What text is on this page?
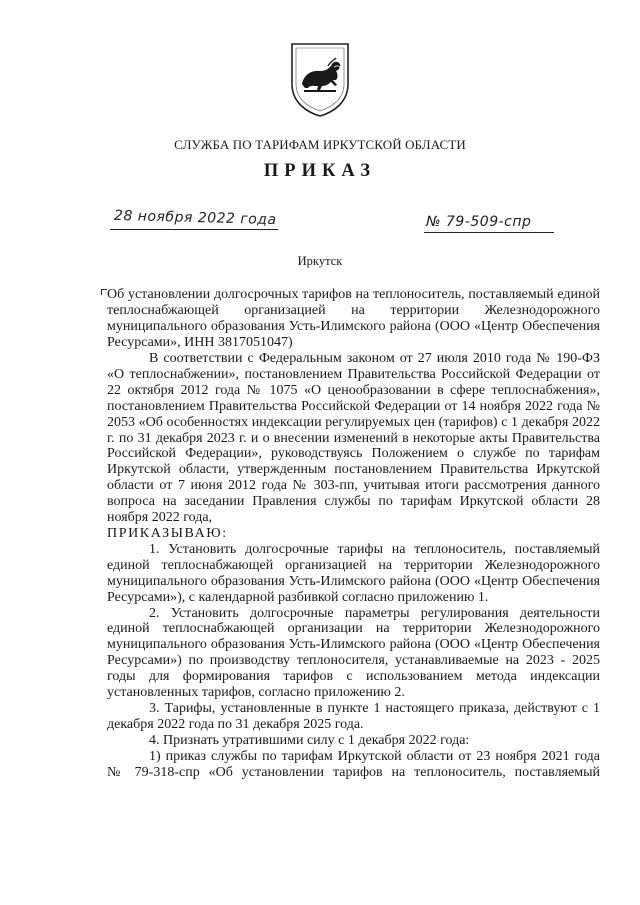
СЛУЖБА ПО ТАРИФАМ ИРКУТСКОЙ ОБЛАСТИ
ПРИКАЗ
28 ноября 2022 года	№ 79-509-спр
Иркутск
Об установлении долгосрочных тарифов на теплоноситель, поставляемый единой теплоснабжающей организацией на территории Железнодорожного муниципального образования Усть-Илимского района (ООО «Центр Обеспечения Ресурсами», ИНН 3817051047)

В соответствии с Федеральным законом от 27 июля 2010 года № 190-ФЗ «О теплоснабжении», постановлением Правительства Российской Федерации от 22 октября 2012 года № 1075 «О ценообразовании в сфере теплоснабжения», постановлением Правительства Российской Федерации от 14 ноября 2022 года № 2053 «Об особенностях индексации регулируемых цен (тарифов) с 1 декабря 2022 г. по 31 декабря 2023 г. и о внесении изменений в некоторые акты Правительства Российской Федерации», руководствуясь Положением о службе по тарифам Иркутской области, утвержденным постановлением Правительства Иркутской области от 7 июня 2012 года № 303-пп, учитывая итоги рассмотрения данного вопроса на заседании Правления службы по тарифам Иркутской области 28 ноября 2022 года,

ПРИКАЗЫВАЮ:

1. Установить долгосрочные тарифы на теплоноситель, поставляемый единой теплоснабжающей организацией на территории Железнодорожного муниципального образования Усть-Илимского района (ООО «Центр Обеспечения Ресурсами»), с календарной разбивкой согласно приложению 1.

2. Установить долгосрочные параметры регулирования деятельности единой теплоснабжающей организации на территории Железнодорожного муниципального образования Усть-Илимского района (ООО «Центр Обеспечения Ресурсами») по производству теплоносителя, устанавливаемые на 2023 - 2025 годы для формирования тарифов с использованием метода индексации установленных тарифов, согласно приложению 2.

3. Тарифы, установленные в пункте 1 настоящего приказа, действуют с 1 декабря 2022 года по 31 декабря 2025 года.

4. Признать утратившими силу с 1 декабря 2022 года:

1) приказ службы по тарифам Иркутской области от 23 ноября 2021 года № 79-318-спр «Об установлении тарифов на теплоноситель, поставляемый
